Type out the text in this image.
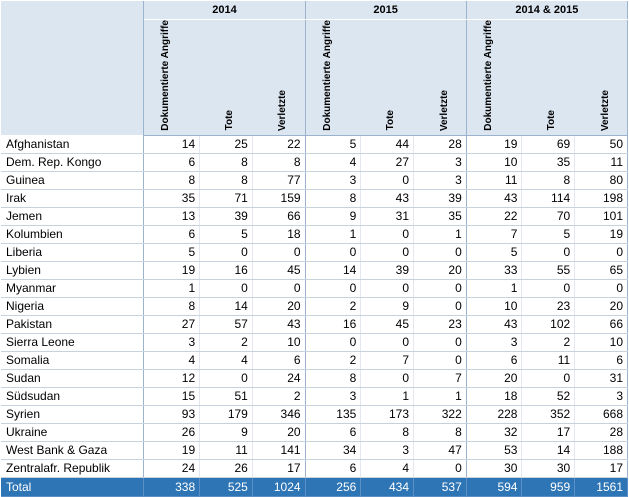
	2014			2015			2014 & 2015		

	Dokumentierte Angriffe	Tote	Verletzte	Dokumentierte Angriffe	Tote	Verletzte	Dokumentierte Angriffe	Tote	Verletzte

Afghanistan	14	25	22	5	44	28	19	69	50
Dem. Rep. Kongo	6	8	8	4	27	3	10	35	11
Guinea	8	8	77	3	0	3	11	8	80
Irak	35	71	159	8	43	39	43	114	198
Jemen	13	39	66	9	31	35	22	70	101
Kolumbien	6	5	18	1	0	1	7	5	19
Liberia	5	0	0	0	0	0	5	0	0
Lybien	19	16	45	14	39	20	33	55	65
Myanmar	1	0	0	0	0	0	1	0	0
Nigeria	8	14	20	2	9	0	10	23	20
Pakistan	27	57	43	16	45	23	43	102	66
Sierra Leone	3	2	10	0	0	0	3	2	10
Somalia	4	4	6	2	7	0	6	11	6
Sudan	12	0	24	8	0	7	20	0	31
Südsudan	15	51	2	3	1	1	18	52	3
Syrien	93	179	346	135	173	322	228	352	668
Ukraine	26	9	20	6	8	8	32	17	28
West Bank & Gaza	19	11	141	34	3	47	53	14	188
Zentralafr. Republik	24	26	17	6	4	0	30	30	17
Total	338	525	1024	256	434	537	594	959	1561
